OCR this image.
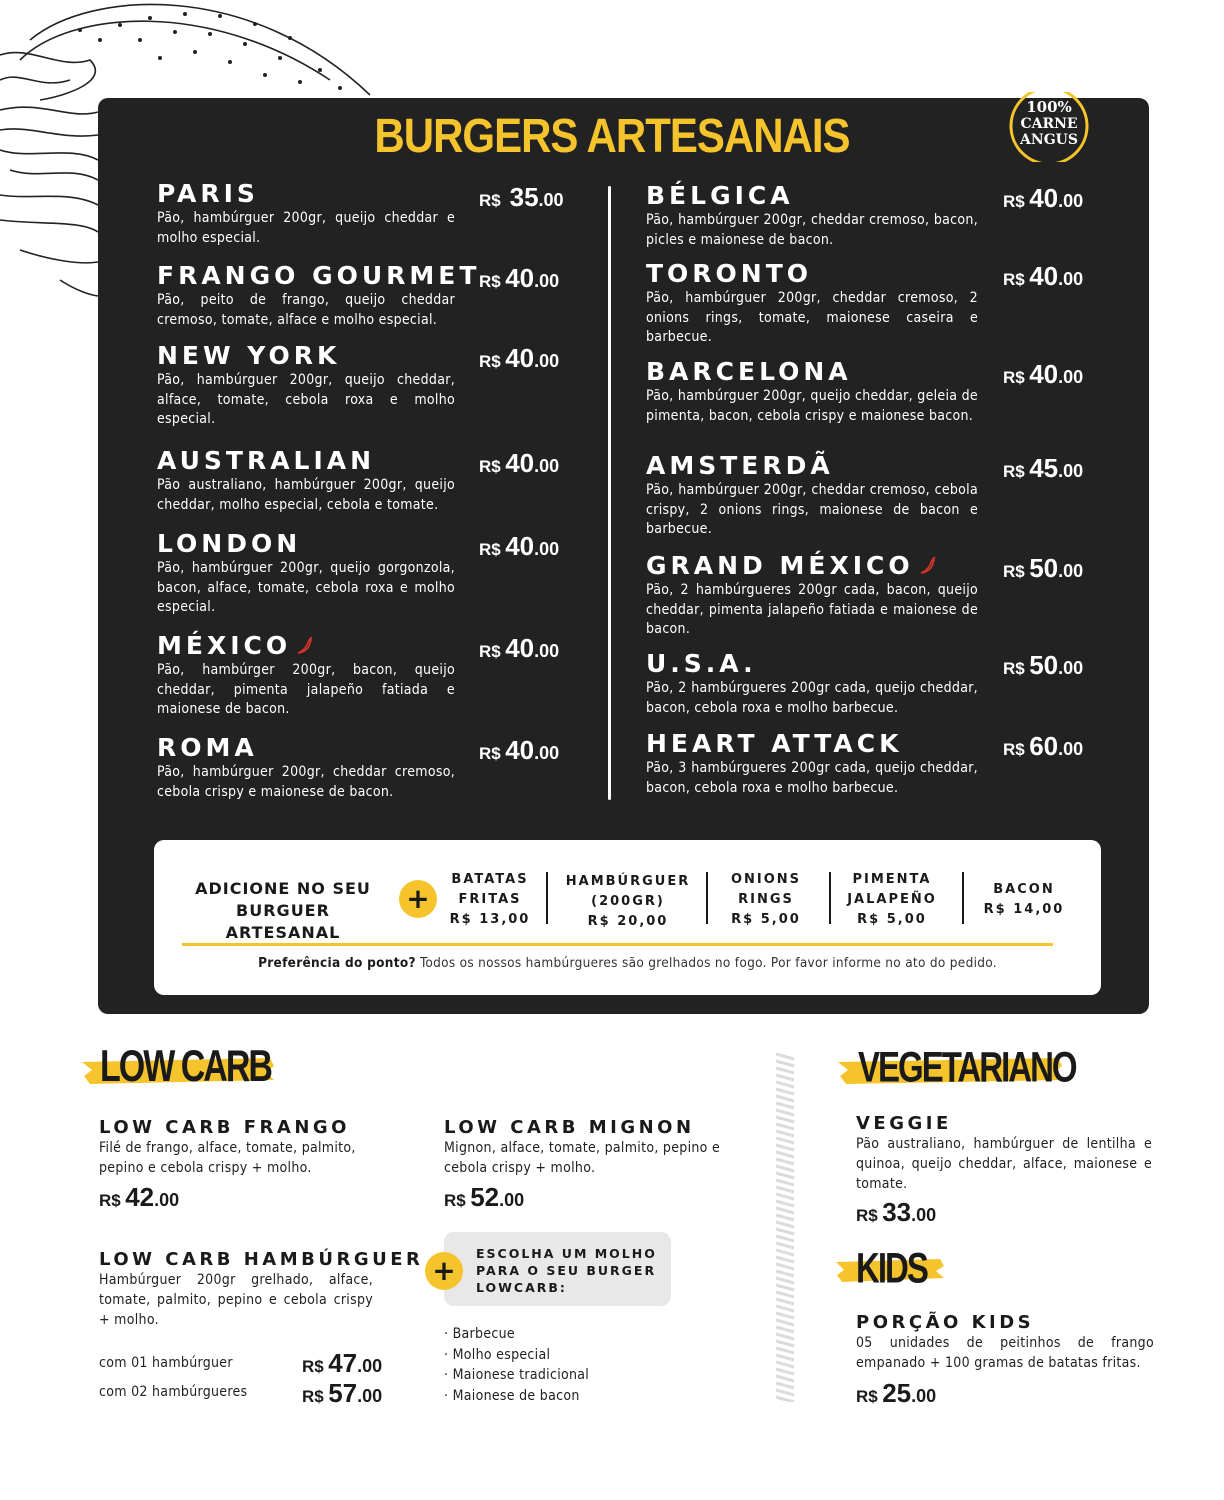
BURGERS ARTESANAIS
100%
CARNE
ANGUS
PARIS
Pão, hambúrguer 200gr, queijo cheddar e molho especial.
R$ 35.00
FRANGO GOURMET
Pão, peito de frango, queijo cheddar cremoso, tomate, alface e molho especial.
R$ 40.00
NEW YORK
Pão, hambúrguer 200gr, queijo cheddar, alface, tomate, cebola roxa e molho especial.
R$ 40.00
AUSTRALIAN
Pão australiano, hambúrguer 200gr, queijo cheddar, molho especial, cebola e tomate.
R$ 40.00
LONDON
Pão, hambúrguer 200gr, queijo gorgonzola, bacon, alface, tomate, cebola roxa e molho especial.
R$ 40.00
MÉXICO
Pão, hambúrger 200gr, bacon, queijo cheddar, pimenta jalapeño fatiada e maionese de bacon.
R$ 40.00
ROMA
Pão, hambúrguer 200gr, cheddar cremoso, cebola crispy e maionese de bacon.
R$ 40.00
BÉLGICA
Pão, hambúrguer 200gr, cheddar cremoso, bacon, picles e maionese de bacon.
R$ 40.00
TORONTO
Pão, hambúrguer 200gr, cheddar cremoso, 2 onions rings, tomate, maionese caseira e barbecue.
R$ 40.00
BARCELONA
Pão, hambúrguer 200gr, queijo cheddar, geleia de pimenta, bacon, cebola crispy e maionese bacon.
R$ 40.00
AMSTERDÃ
Pão, hambúrguer 200gr, cheddar cremoso, cebola crispy, 2 onions rings, maionese de bacon e barbecue.
R$ 45.00
GRAND MÉXICO
Pão, 2 hambúrgueres 200gr cada, bacon, queijo cheddar, pimenta jalapeño fatiada e maionese de bacon.
R$ 50.00
U.S.A.
Pão, 2 hambúrgueres 200gr cada, queijo cheddar, bacon, cebola roxa e molho barbecue.
R$ 50.00
HEART ATTACK
Pão, 3 hambúrgueres 200gr cada, queijo cheddar, bacon, cebola roxa e molho barbecue.
R$ 60.00
ADICIONE NO SEU
BURGUER ARTESANAL
+
BATATAS
FRITAS
R$ 13,00
HAMBÚRGUER
(200GR)
R$ 20,00
ONIONS
RINGS
R$ 5,00
PIMENTA
JALAPEÑO
R$ 5,00
BACON
R$ 14,00
Preferência do ponto? Todos os nossos hambúrgueres são grelhados no fogo. Por favor informe no ato do pedido.
LOW CARB
LOW CARB FRANGO
Filé de frango, alface, tomate, palmito, pepino e cebola crispy + molho.
R$ 42.00
LOW CARB MIGNON
Mignon, alface, tomate, palmito, pepino e cebola crispy + molho.
R$ 52.00
LOW CARB HAMBÚRGUER
Hambúrguer 200gr grelhado, alface, tomate, palmito, pepino e cebola crispy + molho.
com 01 hambúrguer	R$ 47.00
com 02 hambúrgueres	R$ 57.00
+
ESCOLHA UM MOLHO
PARA O SEU BURGER
LOWCARB:
· Barbecue
· Molho especial
· Maionese tradicional
· Maionese de bacon
VEGETARIANO
VEGGIE
Pão australiano, hambúrguer de lentilha e quinoa, queijo cheddar, alface, maionese e tomate.
R$ 33.00
KIDS
PORÇÃO KIDS
05 unidades de peitinhos de frango empanado + 100 gramas de batatas fritas.
R$ 25.00
